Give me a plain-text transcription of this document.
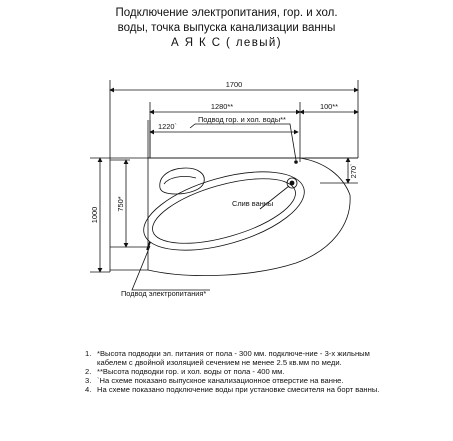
Подключение электропитания, гор. и хол.
воды, точка выпуска канализации ванны
А Я К С ( левый)
1700
1280**	100**
1220`
Подвод гор. и хол. воды**
Слив ванны
Подвод электропитания*
270`
750*
1000
1. *Высота подводки эл. питания от пола - 300 мм. подключе-ние - 3-х жильным кабелем с двойной изоляцией сечением не менее 2.5 кв.мм по меди.
2. **Высота подводки гор. и хол. воды от пола - 400 мм.
3. `На схеме показано выпускное канализационное отверстие на ванне.
4. На схеме показано подключение воды при установке смесителя на борт ванны.
